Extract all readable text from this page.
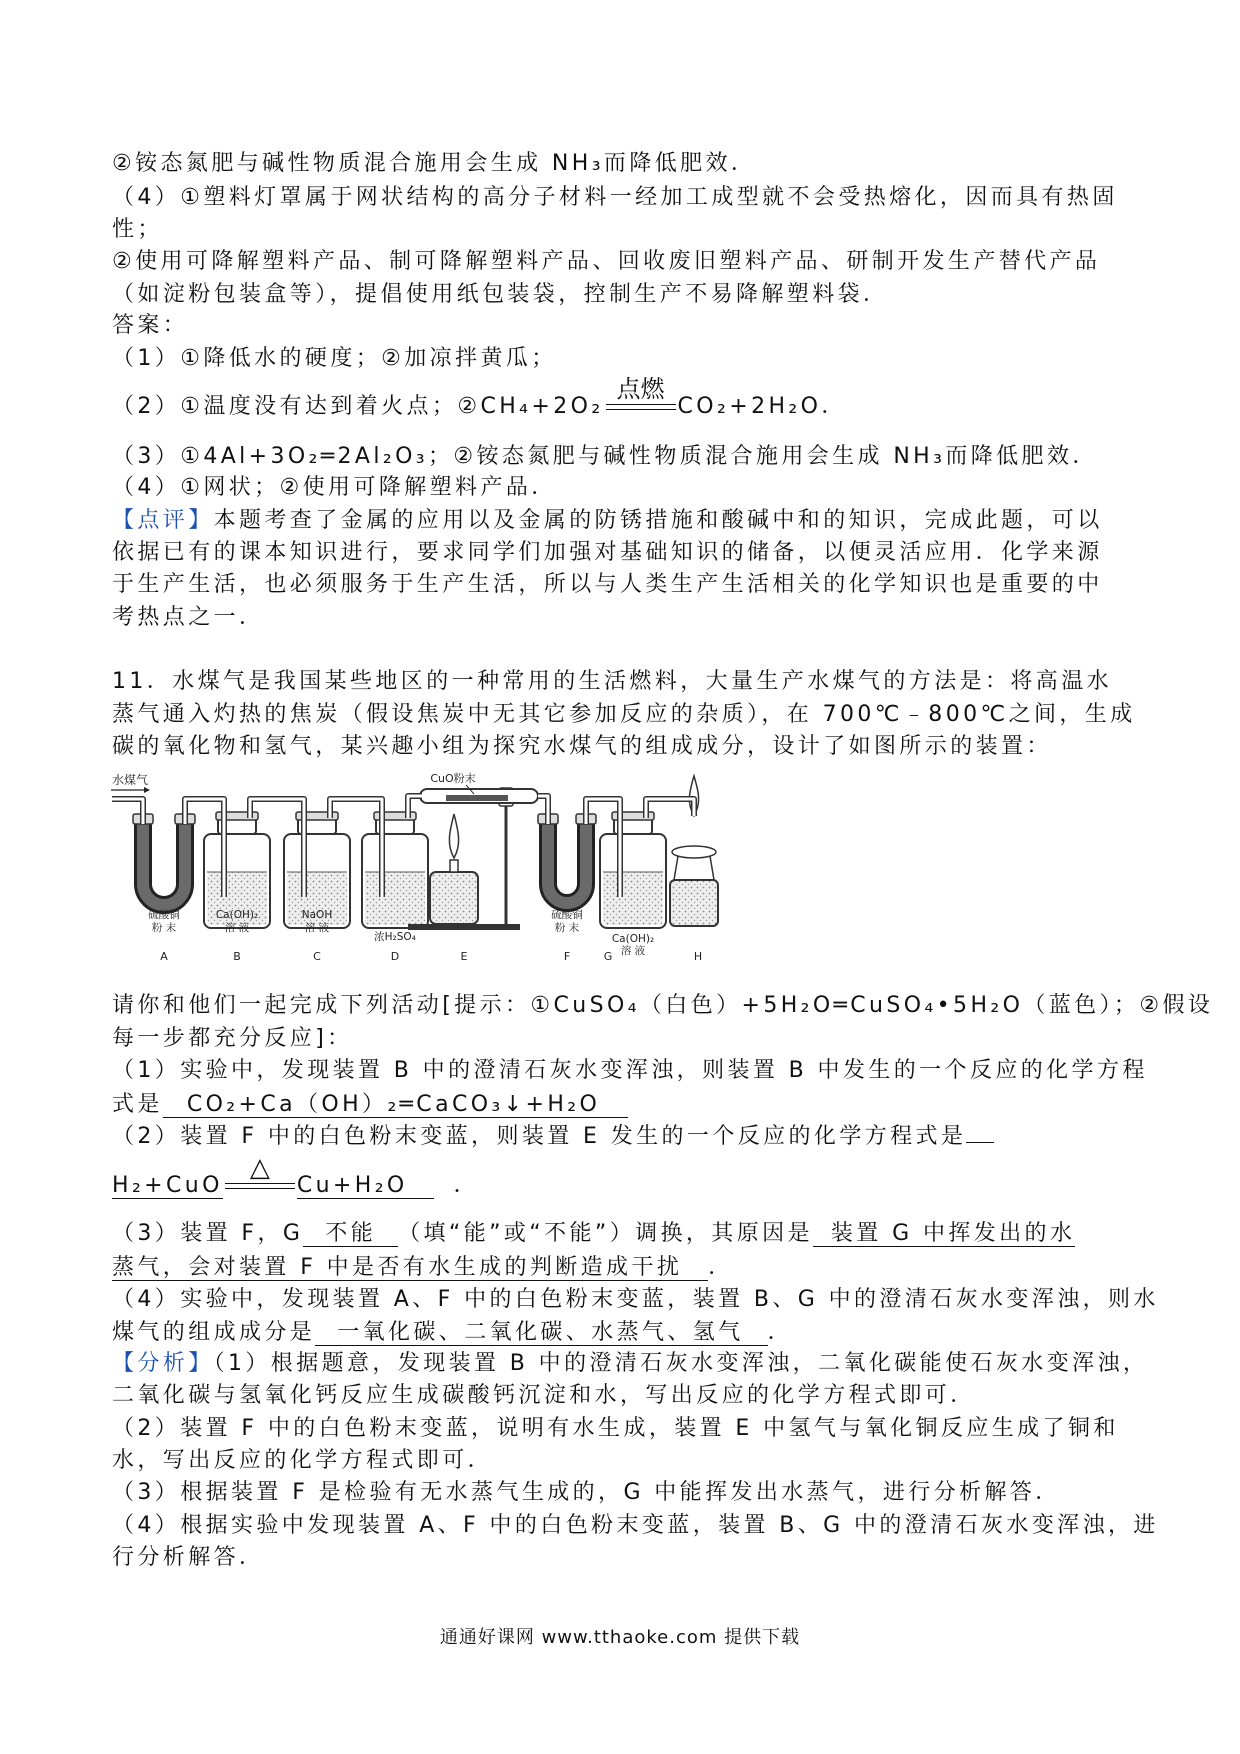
②铵态氮肥与碱性物质混合施用会生成 NH₃而降低肥效．
（4）①塑料灯罩属于网状结构的高分子材料一经加工成型就不会受热熔化，因而具有热固
性；
②使用可降解塑料产品、制可降解塑料产品、回收废旧塑料产品、研制开发生产替代产品
（如淀粉包装盒等），提倡使用纸包装袋，控制生产不易降解塑料袋．
答案：
（1）①降低水的硬度；②加凉拌黄瓜；
（2）①温度没有达到着火点；②CH₄+2O₂
点燃
CO₂+2H₂O．
（3）①4Al+3O₂═2Al₂O₃；②铵态氮肥与碱性物质混合施用会生成 NH₃而降低肥效．
（4）①网状；②使用可降解塑料产品．
【点评】本题考查了金属的应用以及金属的防锈措施和酸碱中和的知识，完成此题，可以
依据已有的课本知识进行，要求同学们加强对基础知识的储备，以便灵活应用．化学来源
于生产生活，也必须服务于生产生活，所以与人类生产生活相关的化学知识也是重要的中
考热点之一．
11．水煤气是我国某些地区的一种常用的生活燃料，大量生产水煤气的方法是：将高温水
蒸气通入灼热的焦炭（假设焦炭中无其它参加反应的杂质），在 700℃﹣800℃之间，生成
碳的氧化物和氢气，某兴趣小组为探究水煤气的组成成分，设计了如图所示的装置：
水煤气	CuO粉末
硫酸铜
粉 末
Ca(OH)₂
溶 液
NaOH
溶 液
浓H₂SO₄
硫酸铜
粉 末
Ca(OH)₂
溶 液
A	B	C	D	E	F	G	H
请你和他们一起完成下列活动[提示：①CuSO₄（白色）+5H₂O═CuSO₄•5H₂O（蓝色）；②假设
每一步都充分反应]：
（1）实验中，发现装置 B 中的澄清石灰水变浑浊，则装置 B 中发生的一个反应的化学方程
式是 CO₂+Ca（OH）₂═CaCO₃↓+H₂O
（2）装置 F 中的白色粉末变蓝，则装置 E 发生的一个反应的化学方程式是
H₂+CuO
△
Cu+H₂O ．
（3）装置 F，G 不能 （填“能”或“不能”）调换，其原因是 装置 G 中挥发出的水
蒸气，会对装置 F 中是否有水生成的判断造成干扰 ．
（4）实验中，发现装置 A、F 中的白色粉末变蓝，装置 B、G 中的澄清石灰水变浑浊，则水
煤气的组成成分是 一氧化碳、二氧化碳、水蒸气、氢气 ．
【分析】（1）根据题意，发现装置 B 中的澄清石灰水变浑浊，二氧化碳能使石灰水变浑浊，
二氧化碳与氢氧化钙反应生成碳酸钙沉淀和水，写出反应的化学方程式即可．
（2）装置 F 中的白色粉末变蓝，说明有水生成，装置 E 中氢气与氧化铜反应生成了铜和
水，写出反应的化学方程式即可．
（3）根据装置 F 是检验有无水蒸气生成的，G 中能挥发出水蒸气，进行分析解答．
（4）根据实验中发现装置 A、F 中的白色粉末变蓝，装置 B、G 中的澄清石灰水变浑浊，进
行分析解答．
通通好课网 www.tthaoke.com 提供下载
